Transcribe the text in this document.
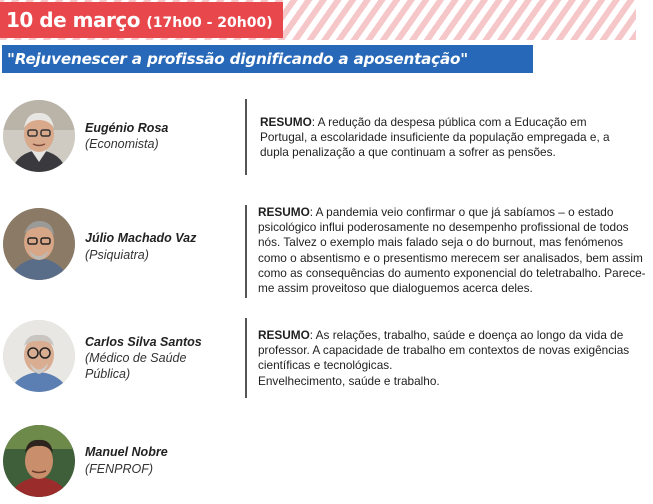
10 de março (17h00 - 20h00)
"Rejuvenescer a profissão dignificando a aposentação"
Eugénio Rosa
(Economista)
RESUMO: A redução da despesa pública com a Educação em Portugal, a escolaridade insuficiente da população empregada e, a dupla penalização a que continuam a sofrer as pensões.
Júlio Machado Vaz
(Psiquiatra)
RESUMO: A pandemia veio confirmar o que já sabíamos – o estado psicológico influi poderosamente no desempenho profissional de todos nós. Talvez o exemplo mais falado seja o do burnout, mas fenómenos como o absentismo e o presentismo merecem ser analisados, bem assim como as consequências do aumento exponencial do teletrabalho. Parece-me assim proveitoso que dialoguemos acerca deles.
Carlos Silva Santos
(Médico de Saúde Pública)
RESUMO: As relações, trabalho, saúde e doença ao longo da vida de professor. A capacidade de trabalho em contextos de novas exigências científicas e tecnológicas.
Envelhecimento, saúde e trabalho.
Manuel Nobre
(FENPROF)
